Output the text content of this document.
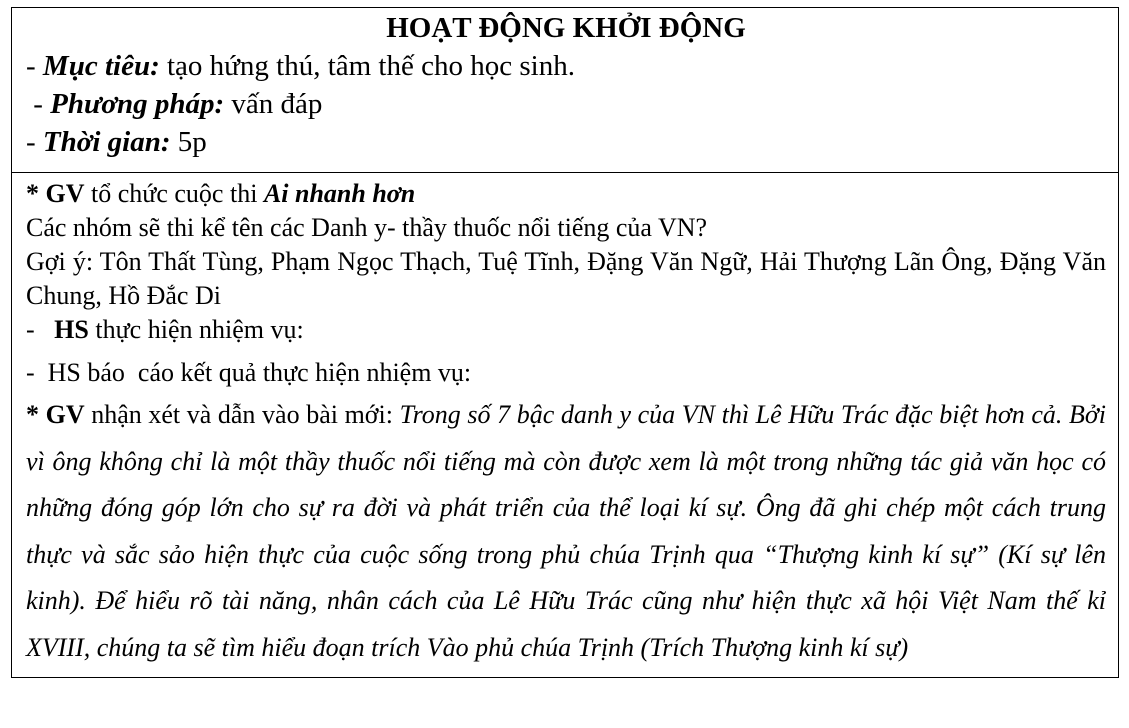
HOẠT ĐỘNG KHỞI ĐỘNG

- Mục tiêu: tạo hứng thú, tâm thế cho học sinh.

- Phương pháp: vấn đáp

- Thời gian: 5p

* GV tổ chức cuộc thi Ai nhanh hơn

Các nhóm sẽ thi kể tên các Danh y- thầy thuốc nổi tiếng của VN?

Gợi ý: Tôn Thất Tùng, Phạm Ngọc Thạch, Tuệ Tĩnh, Đặng Văn Ngữ, Hải Thượng Lãn Ông, Đặng Văn Chung, Hồ Đắc Di

-   HS thực hiện nhiệm vụ:

-  HS báo  cáo kết quả thực hiện nhiệm vụ:

* GV nhận xét và dẫn vào bài mới: Trong số 7 bậc danh y của VN thì Lê Hữu Trác đặc biệt hơn cả. Bởi vì ông không chỉ là một thầy thuốc nổi tiếng mà còn được xem là một trong những tác giả văn học có những đóng góp lớn cho sự ra đời và phát triển của thể loại kí sự. Ông đã ghi chép một cách trung thực và sắc sảo hiện thực của cuộc sống trong phủ chúa Trịnh qua “Thượng kinh kí sự” (Kí sự lên kinh). Để hiểu rõ tài năng, nhân cách của Lê Hữu Trác cũng như hiện thực xã hội Việt Nam thế kỉ XVIII, chúng ta sẽ tìm hiểu đoạn trích Vào phủ chúa Trịnh (Trích Thượng kinh kí sự)
